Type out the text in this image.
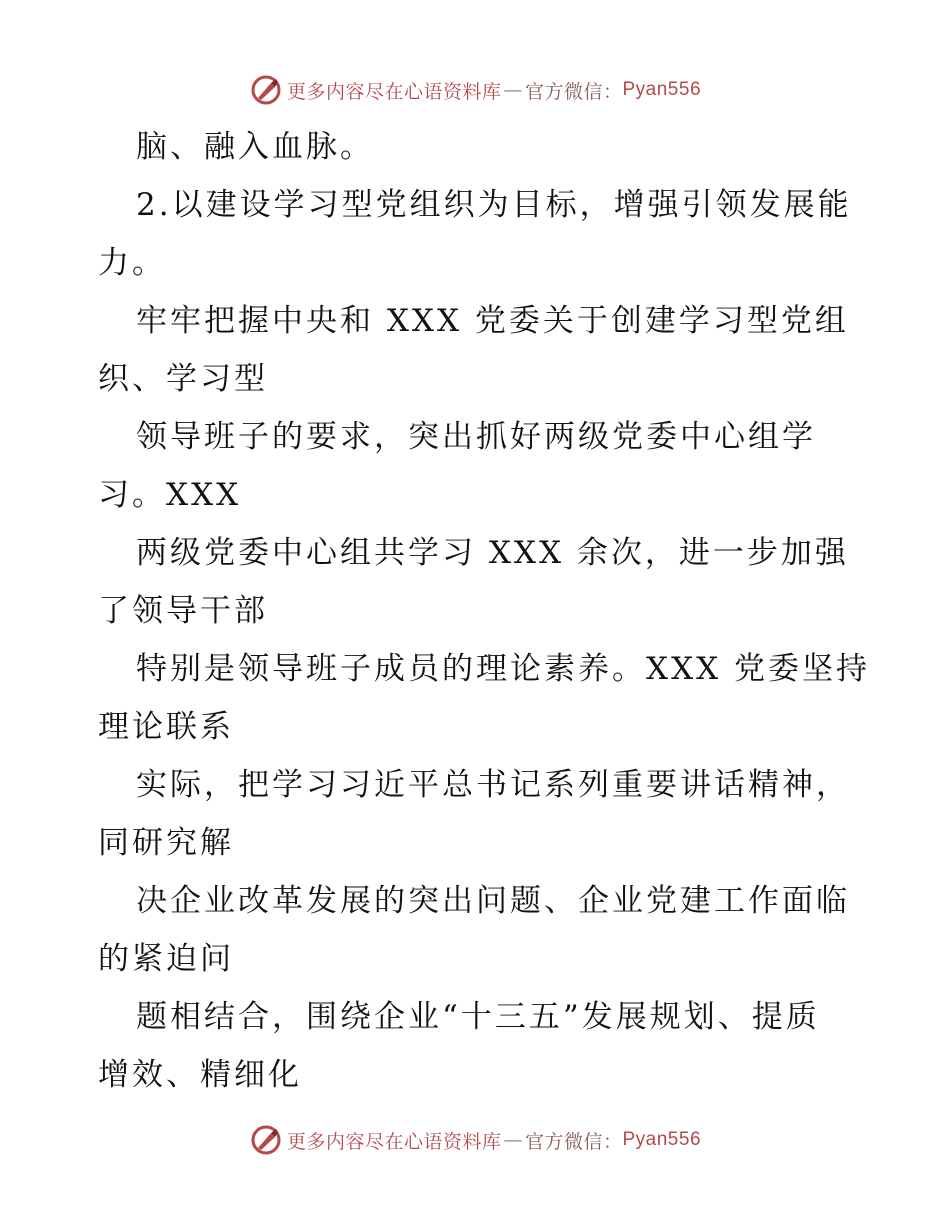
更多内容尽在心语资料库 — 官方微信： Pyan556
脑、融入血脉。
2.以建设学习型党组织为目标，增强引领发展能
力。
牢牢把握中央和 XXX 党委关于创建学习型党组
织、学习型
领导班子的要求，突出抓好两级党委中心组学
习。XXX
两级党委中心组共学习 XXX 余次，进一步加强
了领导干部
特别是领导班子成员的理论素养。XXX 党委坚持
理论联系
实际，把学习习近平总书记系列重要讲话精神，
同研究解
决企业改革发展的突出问题、企业党建工作面临
的紧迫问
题相结合，围绕企业“十三五”发展规划、提质
增效、精细化
更多内容尽在心语资料库 — 官方微信： Pyan556
